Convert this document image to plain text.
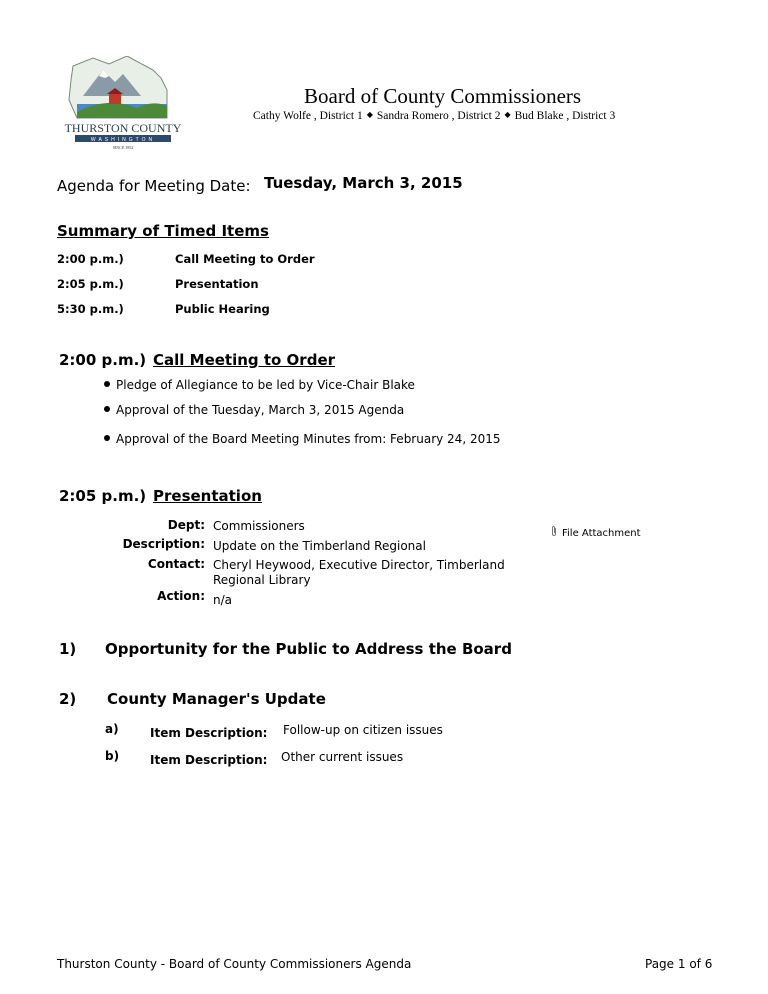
THURSTON COUNTY
WASHINGTON
SINCE 1852
Board of County Commissioners
Cathy Wolfe , District 1 ◆ Sandra Romero , District 2 ◆ Bud Blake , District 3
Agenda for Meeting Date: Tuesday, March 3, 2015
Summary of Timed Items
2:00 p.m.)	Call Meeting to Order
2:05 p.m.)	Presentation
5:30 p.m.)	Public Hearing
2:00 p.m.) Call Meeting to Order
Pledge of Allegiance to be led by Vice-Chair Blake
Approval of the Tuesday, March 3, 2015 Agenda
Approval of the Board Meeting Minutes from: February 24, 2015
2:05 p.m.) Presentation
Dept: Commissioners
Description: Update on the Timberland Regional
Contact: Cheryl Heywood, Executive Director, Timberland
Regional Library
Action: n/a
File Attachment
1) Opportunity for the Public to Address the Board
2) County Manager's Update
a)	Item Description: Follow-up on citizen issues
b)	Item Description: Other current issues
Thurston County - Board of County Commissioners Agenda	Page 1 of 6
